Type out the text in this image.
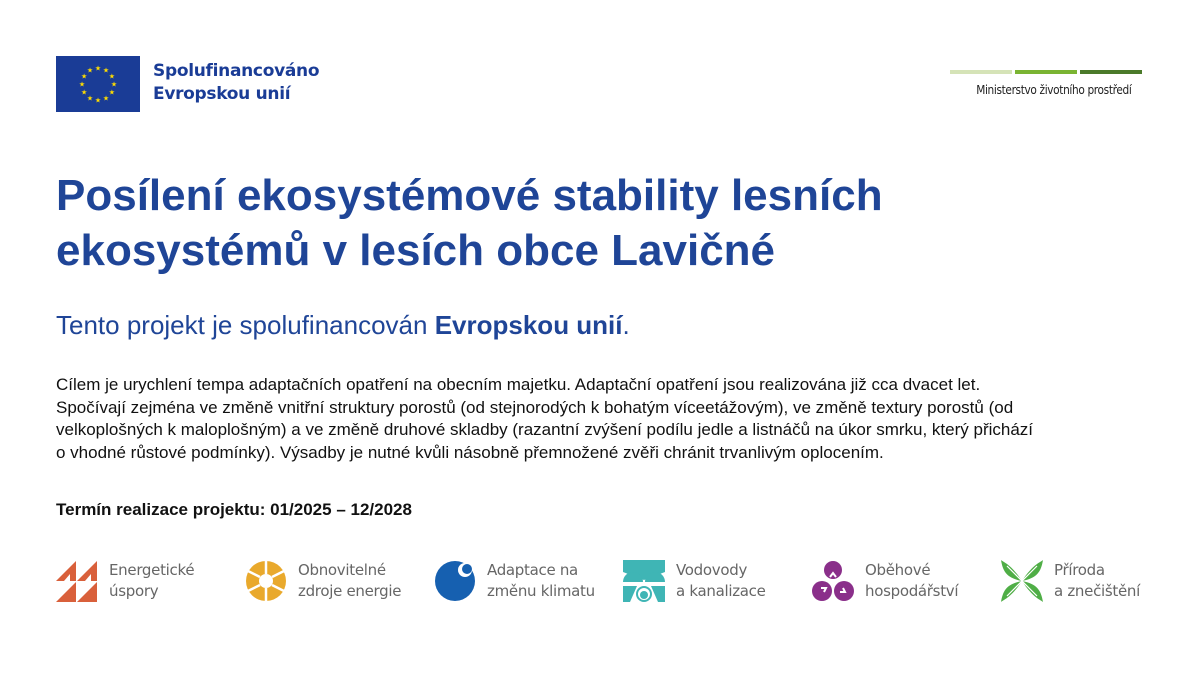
★
★
★
★
★
★
★
★
★ ★ ★
★ Spolufinancováno
Evropskou unií	Ministerstvo životního prostředí
Posílení ekosystémové stability lesních ekosystémů v lesích obce Lavičné
Tento projekt je spolufinancován Evropskou unií.
Cílem je urychlení tempa adaptačních opatření na obecním majetku. Adaptační opatření jsou realizována již cca dvacet let.
Spočívají zejména ve změně vnitřní struktury porostů (od stejnorodých k bohatým víceetážovým), ve změně textury porostů (od
velkoplošných k maloplošným) a ve změně druhové skladby (razantní zvýšení podílu jedle a listnáčů na úkor smrku, který přichází
o vhodné růstové podmínky). Výsadby je nutné kvůli násobně přemnožené zvěři chránit trvanlivým oplocením.
Termín realizace projektu: 01/2025 – 12/2028
Energetické
úspory
Obnovitelné
zdroje energie
Adaptace na
změnu klimatu
Vodovody
a kanalizace
Oběhové
hospodářství
Příroda
a znečištění
